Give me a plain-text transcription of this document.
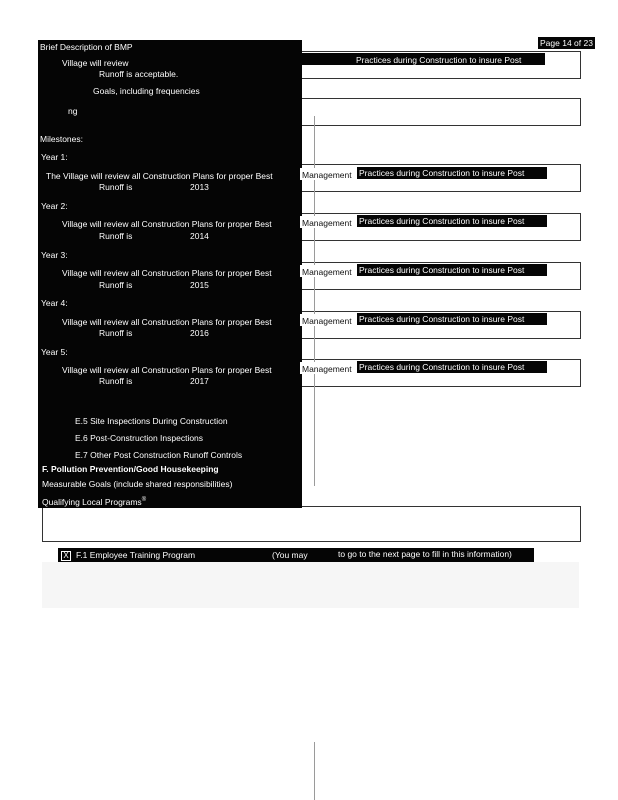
Page 14 of 23
Practices during Construction to insure Post
Brief Description of BMP
Village will review
Runoff is acceptable.
Goals, including frequencies
ng
Milestones:
Year 1:
The Village will review all Construction Plans for proper Best	Management Practices during Construction to insure Post
Runoff is	2013
Year 2:
Village will review all Construction Plans for proper Best	Management Practices during Construction to insure Post
Runoff is	2014
Year 3:
Village will review all Construction Plans for proper Best	Management Practices during Construction to insure Post
Runoff is	2015
Year 4:
Village will review all Construction Plans for proper Best	Management Practices during Construction to insure Post
Runoff is	2016
Year 5:
Village will review all Construction Plans for proper Best	Management Practices during Construction to insure Post
Runoff is	2017
E.5 Site Inspections During Construction
E.6 Post-Construction Inspections
E.7 Other Post Construction Runoff Controls
F. Pollution Prevention/Good Housekeeping
Measurable Goals (include shared responsibilities)
Qualifying Local Programs®
X F.1 Employee Training Program	(You may	to go to the next page to fill in this information)
